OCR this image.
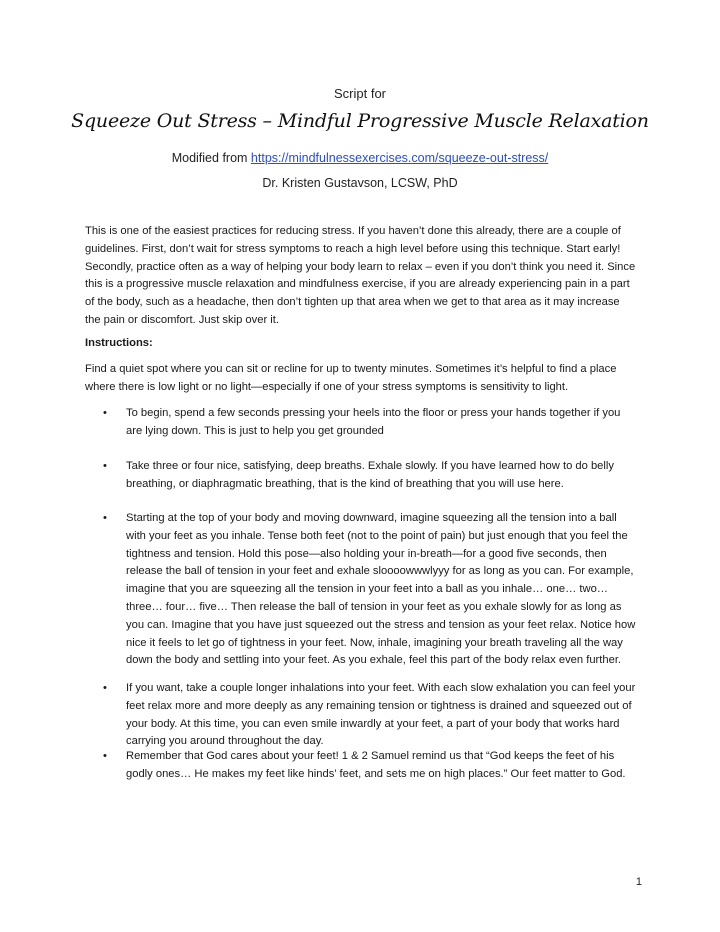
Script for
Squeeze Out Stress – Mindful Progressive Muscle Relaxation
Modified from https://mindfulnessexercises.com/squeeze-out-stress/
Dr. Kristen Gustavson, LCSW, PhD
This is one of the easiest practices for reducing stress. If you haven’t done this already, there are a couple of guidelines. First, don’t wait for stress symptoms to reach a high level before using this technique. Start early! Secondly, practice often as a way of helping your body learn to relax – even if you don’t think you need it. Since this is a progressive muscle relaxation and mindfulness exercise, if you are already experiencing pain in a part of the body, such as a headache, then don’t tighten up that area when we get to that area as it may increase the pain or discomfort. Just skip over it.
Instructions:
Find a quiet spot where you can sit or recline for up to twenty minutes. Sometimes it’s helpful to find a place where there is low light or no light—especially if one of your stress symptoms is sensitivity to light.
•	To begin, spend a few seconds pressing your heels into the floor or press your hands together if you are lying down. This is just to help you get grounded
•	Take three or four nice, satisfying, deep breaths. Exhale slowly. If you have learned how to do belly breathing, or diaphragmatic breathing, that is the kind of breathing that you will use here.
•	Starting at the top of your body and moving downward, imagine squeezing all the tension into a ball with your feet as you inhale. Tense both feet (not to the point of pain) but just enough that you feel the tightness and tension. Hold this pose—also holding your in-breath—for a good five seconds, then release the ball of tension in your feet and exhale sloooowwwlyyy for as long as you can. For example, imagine that you are squeezing all the tension in your feet into a ball as you inhale… one… two… three… four… five… Then release the ball of tension in your feet as you exhale slowly for as long as you can. Imagine that you have just squeezed out the stress and tension as your feet relax. Notice how nice it feels to let go of tightness in your feet. Now, inhale, imagining your breath traveling all the way down the body and settling into your feet. As you exhale, feel this part of the body relax even further.
•	If you want, take a couple longer inhalations into your feet. With each slow exhalation you can feel your feet relax more and more deeply as any remaining tension or tightness is drained and squeezed out of your body. At this time, you can even smile inwardly at your feet, a part of your body that works hard carrying you around throughout the day.
•	Remember that God cares about your feet! 1 & 2 Samuel remind us that “God keeps the feet of his godly ones… He makes my feet like hinds’ feet, and sets me on high places.” Our feet matter to God.
1
